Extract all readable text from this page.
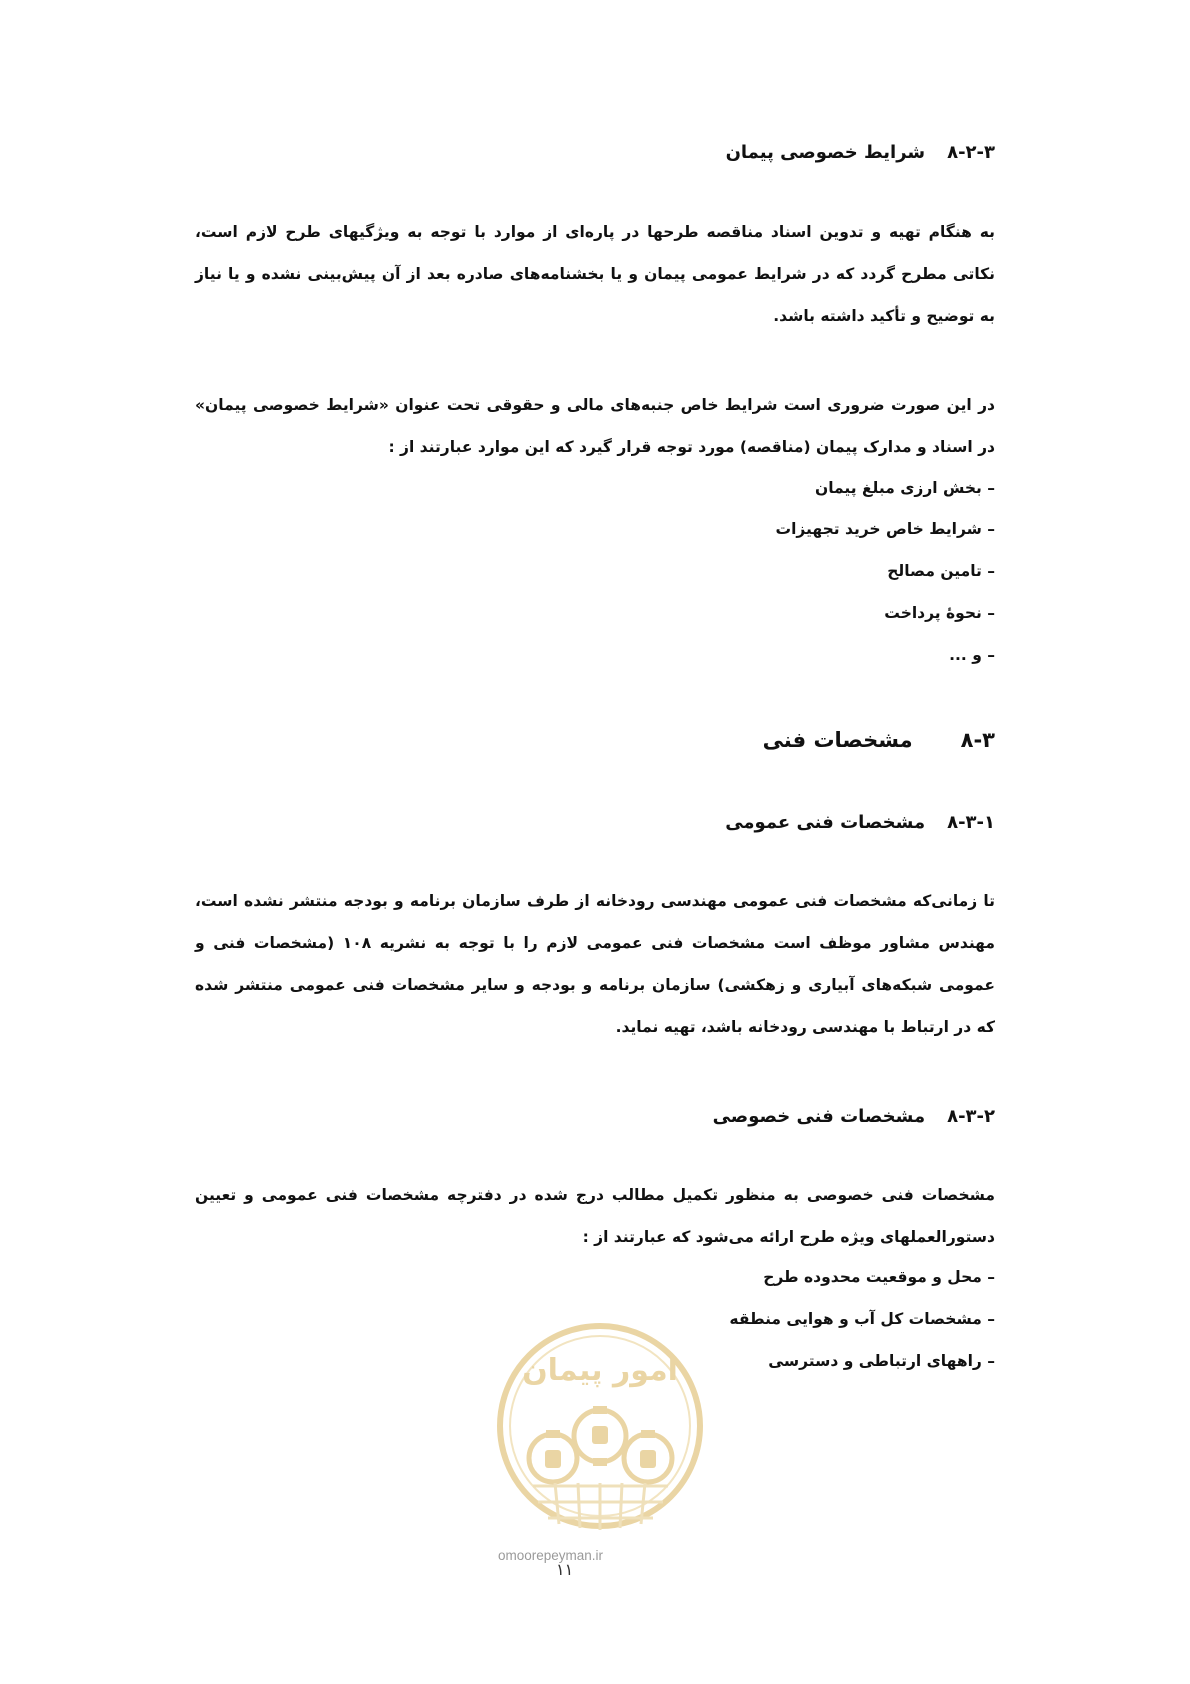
۸-۲-۳شرایط خصوصی پیمان

به هنگام تهیه و تدوین اسناد مناقصه طرحها در پاره‌ای از موارد با توجه به ویژگیهای طرح لازم است، نکاتی مطرح گردد که در شرایط عمومی پیمان و یا بخشنامه‌های صادره بعد از آن پیش‌بینی نشده و یا نیاز به توضیح و تأکید داشته باشد.

در این صورت ضروری است شرایط خاص جنبه‌های مالی و حقوقی تحت عنوان «شرایط خصوصی پیمان» در اسناد و مدارک پیمان (مناقصه) مورد توجه قرار گیرد که این موارد عبارتند از :

– بخش ارزی مبلغ پیمان
– شرایط خاص خرید تجهیزات
– تامین مصالح
– نحوهٔ پرداخت
– و ...
۸-۳مشخصات فنی
۸-۳-۱مشخصات فنی عمومی

تا زمانی‌که مشخصات فنی عمومی مهندسی رودخانه از طرف سازمان برنامه و بودجه منتشر نشده است، مهندس مشاور موظف است مشخصات فنی عمومی لازم را با توجه به نشریه ۱۰۸ (مشخصات فنی و عمومی شبکه‌های آبیاری و زهکشی) سازمان برنامه و بودجه و سایر مشخصات فنی عمومی منتشر شده که در ارتباط با مهندسی رودخانه باشد، تهیه نماید.

۸-۳-۲مشخصات فنی خصوصی

مشخصات فنی خصوصی به منظور تکمیل مطالب درج شده در دفترچه مشخصات فنی عمومی و تعیین دستورالعملهای ویژه طرح ارائه می‌شود که عبارتند از :

– محل و موقعیت محدوده طرح
– مشخصات کل آب و هوایی منطقه
– راههای ارتباطی و دسترسی
امور پیمان
omoorepeyman.ir
۱۱
